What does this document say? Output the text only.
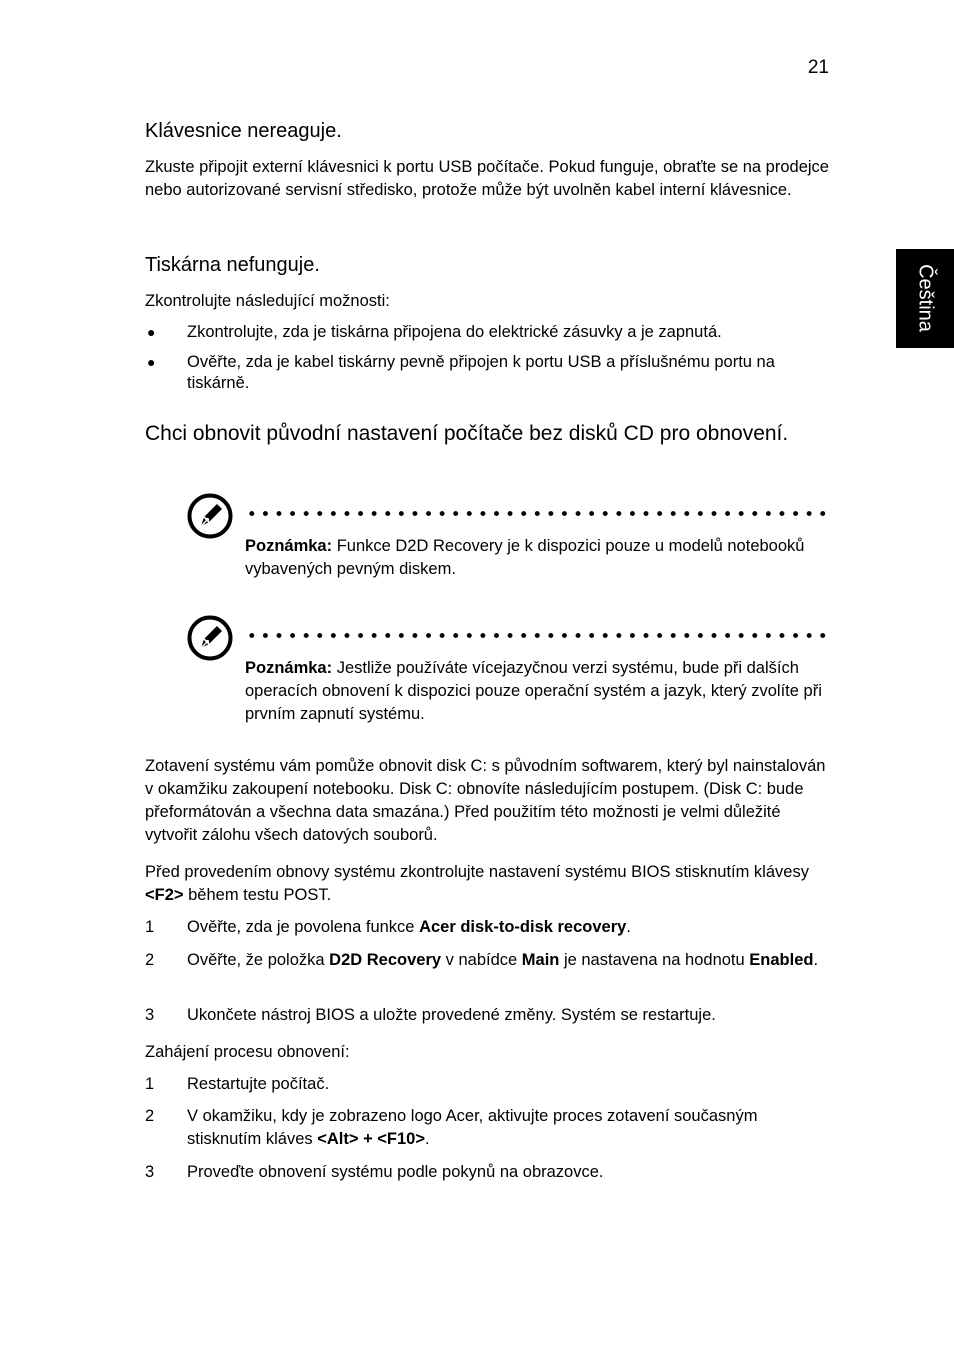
21
Čeština
Klávesnice nereaguje.
Zkuste připojit externí klávesnici k portu USB počítače. Pokud funguje, obraťte se na prodejce nebo autorizované servisní středisko, protože může být uvolněn kabel interní klávesnice.
Tiskárna nefunguje.
Zkontrolujte následující možnosti:
● Zkontrolujte, zda je tiskárna připojena do elektrické zásuvky a je zapnutá.
● Ověřte, zda je kabel tiskárny pevně připojen k portu USB a příslušnému portu na tiskárně.
Chci obnovit původní nastavení počítače bez disků CD pro obnovení.
Poznámka: Funkce D2D Recovery je k dispozici pouze u modelů notebooků vybavených pevným diskem.
Poznámka: Jestliže používáte vícejazyčnou verzi systému, bude při dalších operacích obnovení k dispozici pouze operační systém a jazyk, který zvolíte při prvním zapnutí systému.
Zotavení systému vám pomůže obnovit disk C: s původním softwarem, který byl nainstalován v okamžiku zakoupení notebooku. Disk C: obnovíte následujícím postupem. (Disk C: bude přeformátován a všechna data smazána.) Před použitím této možnosti je velmi důležité vytvořit zálohu všech datových souborů.
Před provedením obnovy systému zkontrolujte nastavení systému BIOS stisknutím klávesy <F2> během testu POST.
1 Ověřte, zda je povolena funkce Acer disk-to-disk recovery.
2 Ověřte, že položka D2D Recovery v nabídce Main je nastavena na hodnotu Enabled.
3 Ukončete nástroj BIOS a uložte provedené změny. Systém se restartuje.
Zahájení procesu obnovení:
1 Restartujte počítač.
2 V okamžiku, kdy je zobrazeno logo Acer, aktivujte proces zotavení současným stisknutím kláves <Alt> + <F10>.
3 Proveďte obnovení systému podle pokynů na obrazovce.
